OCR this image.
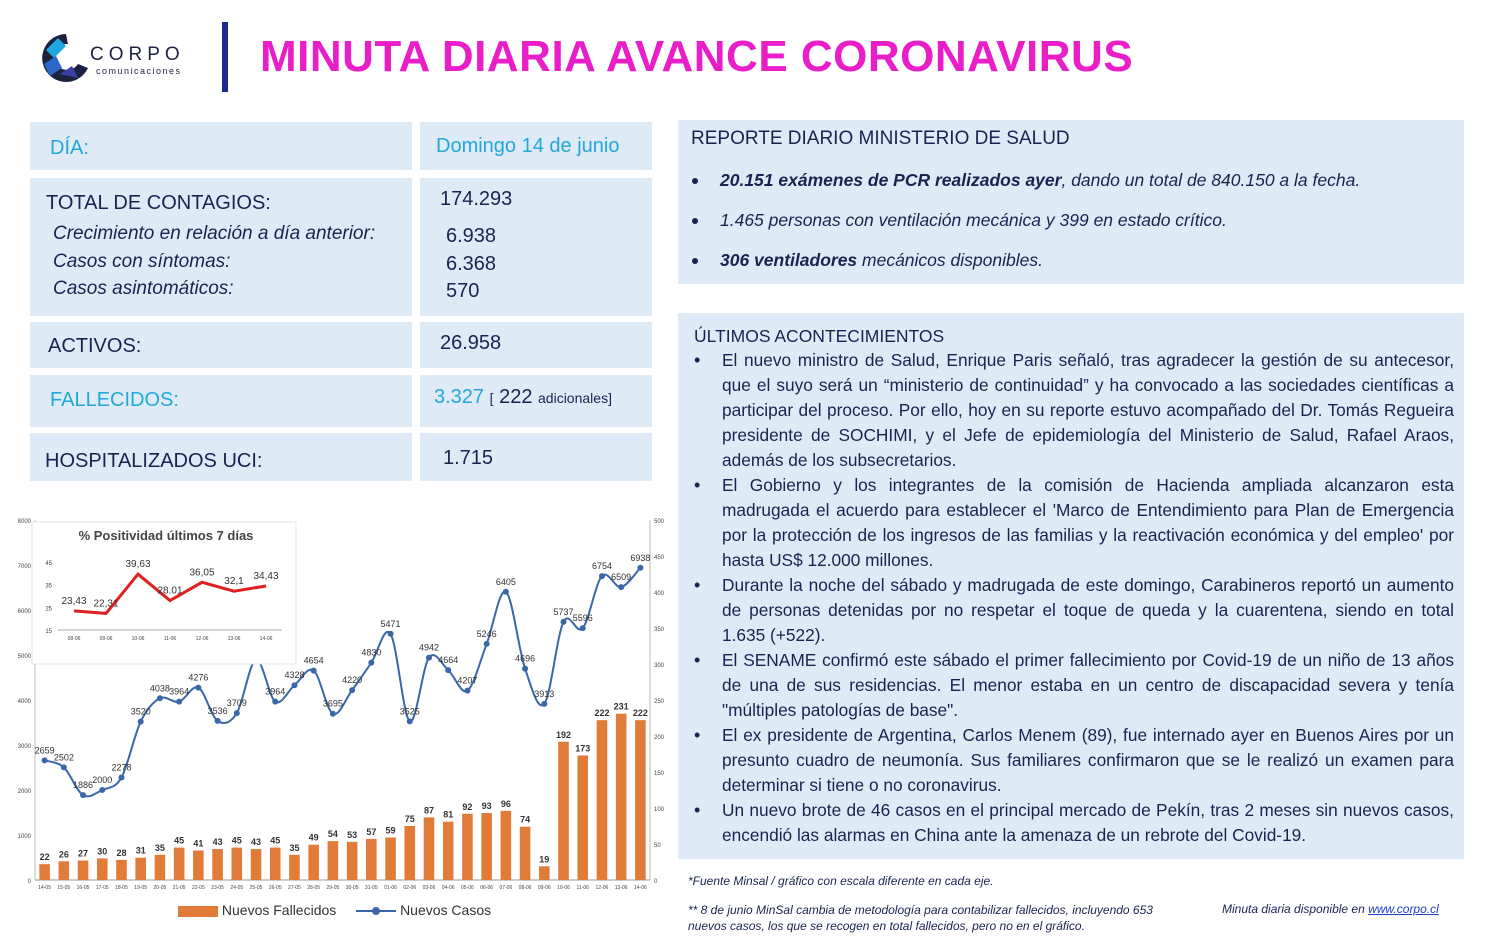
CORPO
comunicaciones MINUTA DIARIA AVANCE CORONAVIRUS
DÍA:	Domingo 14 de junio
TOTAL DE CONTAGIOS:	174.293
Crecimiento en relación a día anterior:	6.938
Casos con síntomas:	6.368
Casos asintomáticos:	570
ACTIVOS:	26.958
FALLECIDOS:	3.327 [ 222 adicionales]
HOSPITALIZADOS UCI:	1.715
REPORTE DIARIO MINISTERIO DE SALUD
20.151 exámenes de PCR realizados ayer, dando un total de 840.150 a la fecha.
1.465 personas con ventilación mecánica y 399 en estado crítico.
306 ventiladores mecánicos disponibles.
ÚLTIMOS ACONTECIMIENTOS
• El nuevo ministro de Salud, Enrique Paris señaló, tras agradecer la gestión de su antecesor, que el suyo será un “ministerio de continuidad” y ha convocado a las sociedades científicas a participar del proceso. Por ello, hoy en su reporte estuvo acompañado del Dr. Tomás Regueira presidente de SOCHIMI, y el Jefe de epidemiología del Ministerio de Salud, Rafael Araos, además de los subsecretarios.
• El Gobierno y los integrantes de la comisión de Hacienda ampliada alcanzaron esta madrugada el acuerdo para establecer el 'Marco de Entendimiento para Plan de Emergencia por la protección de los ingresos de las familias y la reactivación económica y del empleo' por hasta US$ 12.000 millones.
• Durante la noche del sábado y madrugada de este domingo, Carabineros reportó un aumento de personas detenidas por no respetar el toque de queda y la cuarentena, siendo en total 1.635 (+522).
• El SENAME confirmó este sábado el primer fallecimiento por Covid-19 de un niño de 13 años de una de sus residencias. El menor estaba en un centro de discapacidad severa y tenía "múltiples patologías de base".
• El ex presidente de Argentina, Carlos Menem (89), fue internado ayer en Buenos Aires por un presunto cuadro de neumonía. Sus familiares confirmaron que se le realizó un examen para determinar si tiene o no coronavirus.
• Un nuevo brote de 46 casos en el principal mercado de Pekín, tras 2 meses sin nuevos casos, encendió las alarmas en China ante la amenaza de un rebrote del Covid-19.
*Fuente Minsal / gráfico con escala diferente en cada eje.
** 8 de junio MinSal cambia de metodología para contabilizar fallecidos, incluyendo 653 nuevos casos, los que se recogen en total fallecidos, pero no en el gráfico.
Minuta diaria disponible en www.corpo.cl
0
1000
2000
3000
4000
5000
6000
7000
8000
0
50
100
150
200
250
300
350
400
450
500
22 26 27 30 28 31 35
45 41 43 45 43 45
35
49 54 53 57 59
75
87 81
92 93 96
74
19
192
173
222
231
222
14-05 15-05 16-05 17-05 18-05 19-05 20-05 21-05 22-05 23-05 24-05 25-05 26-05 27-05 28-05 29-05 30-05 31-05 01-06 02-06 03-06 04-06 05-06 06-06 07-06 08-06 09-06 10-06 11-06 12-06 13-06 14-06
2659
2502
1886
2000
2278
3520
4038 3964
4276
3536
3709
3964
4328
4654
3695
4220
4830
5471
3525
4942
4664
4207
5246
6405
4696
3913
5737
5596
6754
6509
6938
% Positividad últimos 7 días
15
25
35
45
23,43
08-06
22,31
09-06
39,63
10-06
28.01
11-06
36,05
12-06
32,1
13-06
34,43
14-06
Nuevos Fallecidos	Nuevos Casos
